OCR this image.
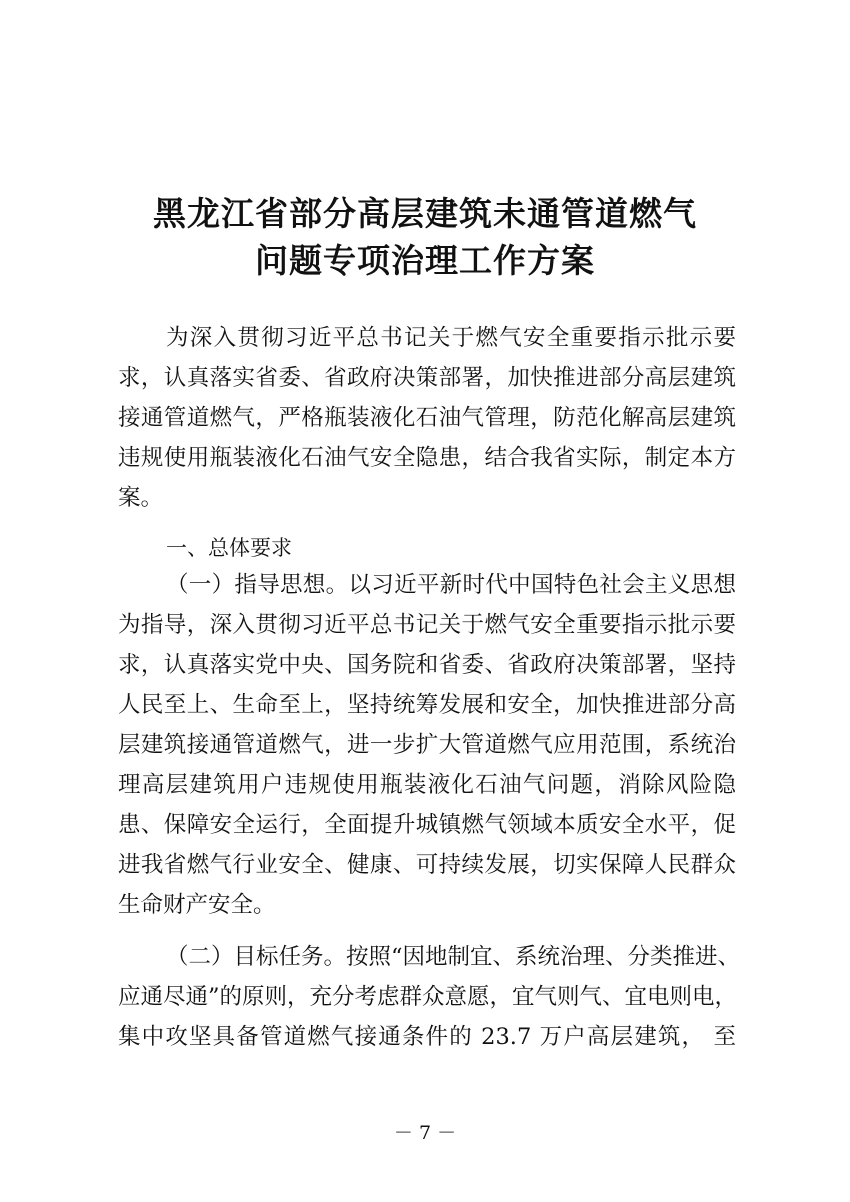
黑龙江省部分高层建筑未通管道燃气
问题专项治理工作方案
为深入贯彻习近平总书记关于燃气安全重要指示批示要
求，认真落实省委、省政府决策部署，加快推进部分高层建筑
接通管道燃气，严格瓶装液化石油气管理，防范化解高层建筑
违规使用瓶装液化石油气安全隐患，结合我省实际，制定本方
案。
一、总体要求
（一）指导思想。以习近平新时代中国特色社会主义思想
为指导，深入贯彻习近平总书记关于燃气安全重要指示批示要
求，认真落实党中央、国务院和省委、省政府决策部署，坚持
人民至上、生命至上，坚持统筹发展和安全，加快推进部分高
层建筑接通管道燃气，进一步扩大管道燃气应用范围，系统治
理高层建筑用户违规使用瓶装液化石油气问题，消除风险隐
患、保障安全运行，全面提升城镇燃气领域本质安全水平，促
进我省燃气行业安全、健康、可持续发展，切实保障人民群众
生命财产安全。
（二）目标任务。按照“因地制宜、系统治理、分类推进、
应通尽通”的原则，充分考虑群众意愿，宜气则气、宜电则电，
集中攻坚具备管道燃气接通条件的 23.7 万户高层建筑， 至
－ 7 －
